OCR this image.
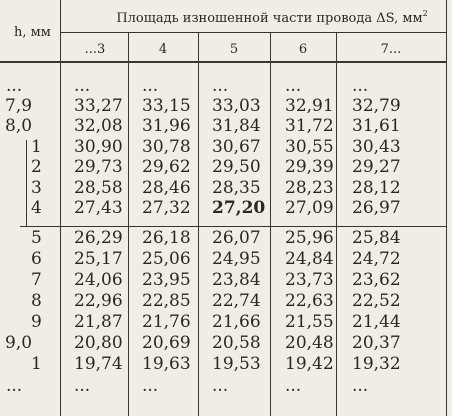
h, мм
Площадь изношенной части провода ΔS, $мм^2$
...3	4	5	6	7...
...	...	...	...	...	...
7,9 33,27 33,15 33,03 32,91 32,79
8,0 32,08 31,96 31,84 31,72 31,61
1 30,90 30,78 30,67 30,55 30,43
2 29,73 29,62 29,50 29,39 29,27
3 28,58 28,46 28,35 28,23 28,12
4 27,43 27,32 27,20 27,09 26,97
5 26,29 26,18 26,07 25,96 25,84
6 25,17 25,06 24,95 24,84 24,72
7 24,06 23,95 23,84 23,73 23,62
8 22,96 22,85 22,74 22,63 22,52
9 21,87 21,76 21,66 21,55 21,44
9,0 20,80 20,69 20,58 20,48 20,37
1 19,74 19,63 19,53 19,42 19,32
...	...	...	...	...	...
